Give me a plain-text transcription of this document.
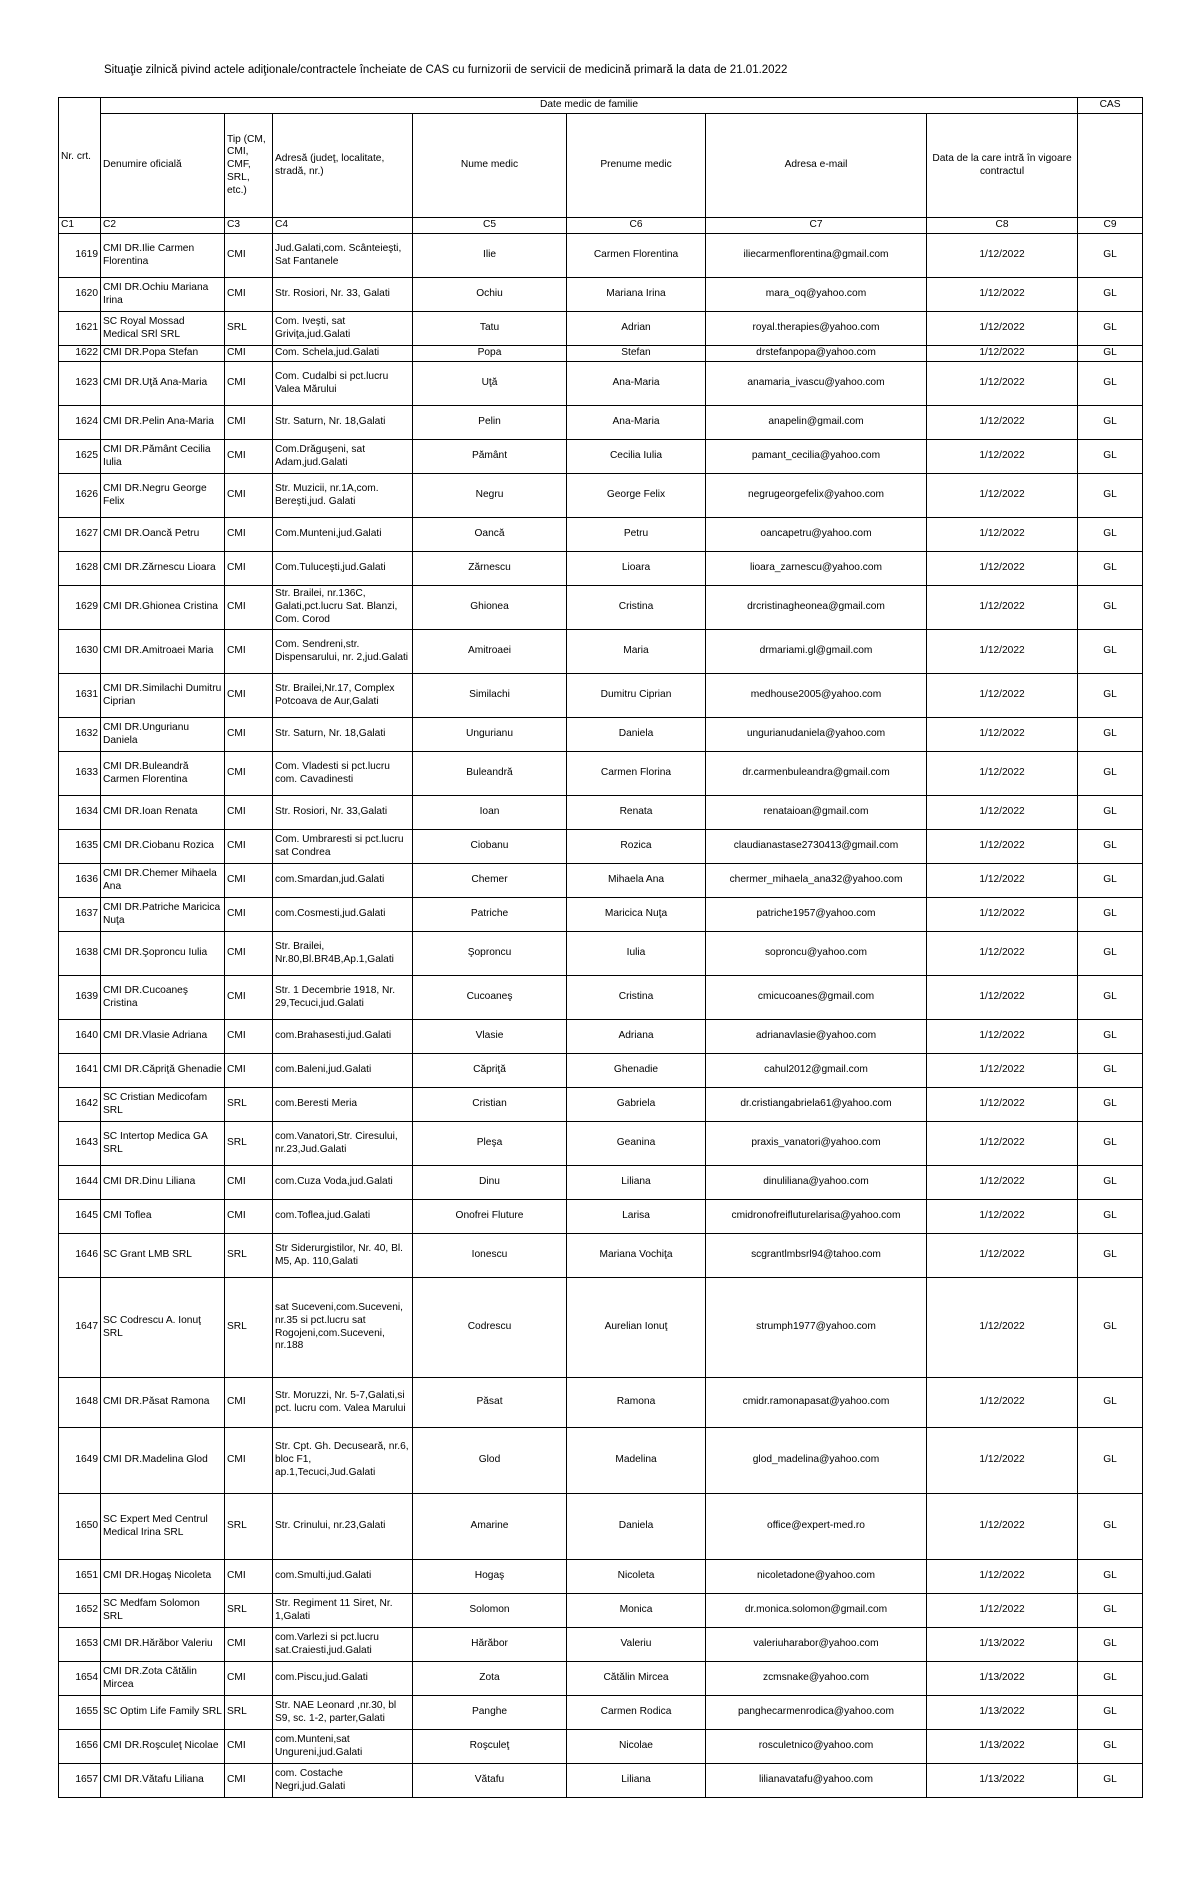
Situaţie zilnică pivind actele adiţionale/contractele încheiate de CAS cu furnizorii de servicii de medicină primară la data de 21.01.2022
Nr. crt.	Date medic de familie							CAS
	Denumire oficială	Tip (CM, CMI, CMF, SRL, etc.)	Adresă (judeţ, localitate, stradă, nr.)	Nume medic	Prenume medic	Adresa e-mail	Data de la care intră în vigoare contractul	
C1	C2	C3	C4	C5	C6	C7	C8	C9
1619	CMI DR.Ilie Carmen Florentina	CMI	Jud.Galati,com. Scânteieşti, Sat Fantanele	Ilie	Carmen Florentina	iliecarmenflorentina@gmail.com	1/12/2022	GL
1620	CMI DR.Ochiu Mariana Irina	CMI	Str. Rosiori, Nr. 33, Galati	Ochiu	Mariana Irina	mara_oq@yahoo.com	1/12/2022	GL
1621	SC Royal Mossad Medical SRl SRL	SRL	Com. Iveşti, sat Griviţa,jud.Galati	Tatu	Adrian	royal.therapies@yahoo.com	1/12/2022	GL
1622	CMI DR.Popa Stefan	CMI	Com. Schela,jud.Galati	Popa	Stefan	drstefanpopa@yahoo.com	1/12/2022	GL
1623	CMI DR.Uţă Ana-Maria	CMI	Com. Cudalbi si pct.lucru Valea Mărului	Uţă	Ana-Maria	anamaria_ivascu@yahoo.com	1/12/2022	GL
1624	CMI DR.Pelin Ana-Maria	CMI	Str. Saturn, Nr. 18,Galati	Pelin	Ana-Maria	anapelin@gmail.com	1/12/2022	GL
1625	CMI DR.Pământ Cecilia Iulia	CMI	Com.Drăguşeni, sat Adam,jud.Galati	Pământ	Cecilia Iulia	pamant_cecilia@yahoo.com	1/12/2022	GL
1626	CMI DR.Negru George Felix	CMI	Str. Muzicii, nr.1A,com. Bereşti,jud. Galati	Negru	George Felix	negrugeorgefelix@yahoo.com	1/12/2022	GL
1627	CMI DR.Oancă Petru	CMI	Com.Munteni,jud.Galati	Oancă	Petru	oancapetru@yahoo.com	1/12/2022	GL
1628	CMI DR.Zărnescu Lioara	CMI	Com.Tuluceşti,jud.Galati	Zărnescu	Lioara	lioara_zarnescu@yahoo.com	1/12/2022	GL
1629	CMI DR.Ghionea Cristina	CMI	Str. Brailei, nr.136C, Galati,pct.lucru Sat. Blanzi, Com. Corod	Ghionea	Cristina	drcristinagheonea@gmail.com	1/12/2022	GL
1630	CMI DR.Amitroaei Maria	CMI	Com. Sendreni,str. Dispensarului, nr. 2,jud.Galati	Amitroaei	Maria	drmariami.gl@gmail.com	1/12/2022	GL
1631	CMI DR.Similachi Dumitru Ciprian	CMI	Str. Brailei,Nr.17, Complex Potcoava de Aur,Galati	Similachi	Dumitru Ciprian	medhouse2005@yahoo.com	1/12/2022	GL
1632	CMI DR.Ungurianu Daniela	CMI	Str. Saturn, Nr. 18,Galati	Ungurianu	Daniela	ungurianudaniela@yahoo.com	1/12/2022	GL
1633	CMI DR.Buleandră Carmen Florentina	CMI	Com. Vladesti si pct.lucru com. Cavadinesti	Buleandră	Carmen Florina	dr.carmenbuleandra@gmail.com	1/12/2022	GL
1634	CMI DR.Ioan Renata	CMI	Str. Rosiori, Nr. 33,Galati	Ioan	Renata	renataioan@gmail.com	1/12/2022	GL
1635	CMI DR.Ciobanu Rozica	CMI	Com. Umbraresti si pct.lucru sat Condrea	Ciobanu	Rozica	claudianastase2730413@gmail.com	1/12/2022	GL
1636	CMI DR.Chemer Mihaela Ana	CMI	com.Smardan,jud.Galati	Chemer	Mihaela Ana	chermer_mihaela_ana32@yahoo.com	1/12/2022	GL
1637	CMI DR.Patriche Maricica Nuţa	CMI	com.Cosmesti,jud.Galati	Patriche	Maricica Nuţa	patriche1957@yahoo.com	1/12/2022	GL
1638	CMI DR.Şoproncu Iulia	CMI	Str. Brailei, Nr.80,Bl.BR4B,Ap.1,Galati	Şoproncu	Iulia	soproncu@yahoo.com	1/12/2022	GL
1639	CMI DR.Cucoaneş Cristina	CMI	Str. 1 Decembrie 1918, Nr. 29,Tecuci,jud.Galati	Cucoaneş	Cristina	cmicucoanes@gmail.com	1/12/2022	GL
1640	CMI DR.Vlasie Adriana	CMI	com.Brahasesti,jud.Galati	Vlasie	Adriana	adrianavlasie@yahoo.com	1/12/2022	GL
1641	CMI DR.Căpriţă Ghenadie	CMI	com.Baleni,jud.Galati	Căpriţă	Ghenadie	cahul2012@gmail.com	1/12/2022	GL
1642	SC Cristian Medicofam SRL	SRL	com.Beresti Meria	Cristian	Gabriela	dr.cristiangabriela61@yahoo.com	1/12/2022	GL
1643	SC Intertop Medica GA SRL	SRL	com.Vanatori,Str. Ciresului, nr.23,Jud.Galati	Pleşa	Geanina	praxis_vanatori@yahoo.com	1/12/2022	GL
1644	CMI DR.Dinu Liliana	CMI	com.Cuza Voda,jud.Galati	Dinu	Liliana	dinuliliana@yahoo.com	1/12/2022	GL
1645	CMI Toflea	CMI	com.Toflea,jud.Galati	Onofrei Fluture	Larisa	cmidronofreifluturelarisa@yahoo.com	1/12/2022	GL
1646	SC Grant LMB SRL	SRL	Str Siderurgistilor, Nr. 40, Bl. M5, Ap. 110,Galati	Ionescu	Mariana Vochiţa	scgrantlmbsrl94@tahoo.com	1/12/2022	GL
1647	SC Codrescu A. Ionuţ SRL	SRL	sat Suceveni,com.Suceveni, nr.35 si pct.lucru sat Rogojeni,com.Suceveni, nr.188	Codrescu	Aurelian Ionuţ	strumph1977@yahoo.com	1/12/2022	GL
1648	CMI DR.Păsat Ramona	CMI	Str. Moruzzi, Nr. 5-7,Galati,si pct. lucru com. Valea Marului	Păsat	Ramona	cmidr.ramonapasat@yahoo.com	1/12/2022	GL
1649	CMI DR.Madelina Glod	CMI	Str. Cpt. Gh. Decuseară, nr.6, bloc F1, ap.1,Tecuci,Jud.Galati	Glod	Madelina	glod_madelina@yahoo.com	1/12/2022	GL
1650	SC Expert Med Centrul Medical Irina SRL	SRL	Str. Crinului, nr.23,Galati	Amarine	Daniela	office@expert-med.ro	1/12/2022	GL
1651	CMI DR.Hogaş Nicoleta	CMI	com.Smulti,jud.Galati	Hogaş	Nicoleta	nicoletadone@yahoo.com	1/12/2022	GL
1652	SC Medfam Solomon SRL	SRL	Str. Regiment 11 Siret, Nr. 1,Galati	Solomon	Monica	dr.monica.solomon@gmail.com	1/12/2022	GL
1653	CMI DR.Hărăbor Valeriu	CMI	com.Varlezi si pct.lucru sat.Craiesti,jud.Galati	Hărăbor	Valeriu	valeriuharabor@yahoo.com	1/13/2022	GL
1654	CMI DR.Zota Cătălin Mircea	CMI	com.Piscu,jud.Galati	Zota	Cătălin Mircea	zcmsnake@yahoo.com	1/13/2022	GL
1655	SC Optim Life Family SRL	SRL	Str. NAE Leonard ,nr.30, bl S9, sc. 1-2, parter,Galati	Panghe	Carmen Rodica	panghecarmenrodica@yahoo.com	1/13/2022	GL
1656	CMI DR.Roşculeţ Nicolae	CMI	com.Munteni,sat Ungureni,jud.Galati	Roşculeţ	Nicolae	rosculetnico@yahoo.com	1/13/2022	GL
1657	CMI DR.Vătafu Liliana	CMI	com. Costache Negri,jud.Galati	Vătafu	Liliana	lilianavatafu@yahoo.com	1/13/2022	GL
